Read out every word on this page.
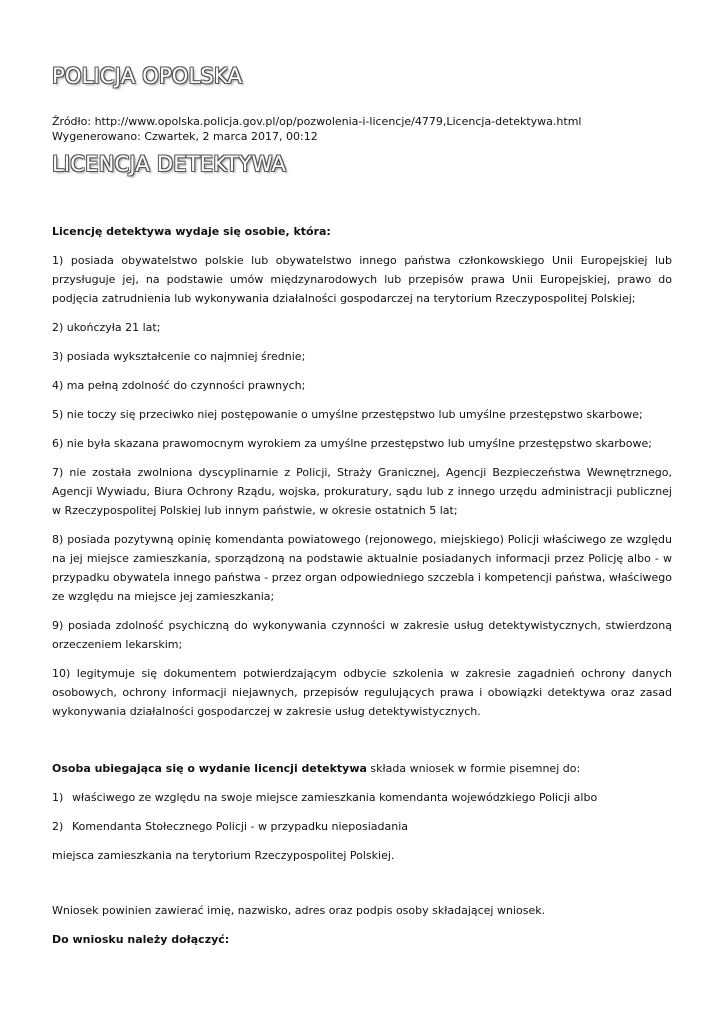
POLICJA OPOLSKA
Źródło: http://www.opolska.policja.gov.pl/op/pozwolenia-i-licencje/4779,Licencja-detektywa.html
Wygenerowano: Czwartek, 2 marca 2017, 00:12
LICENCJA DETEKTYWA

Licencję detektywa wydaje się osobie, która:

1) posiada obywatelstwo polskie lub obywatelstwo innego państwa członkowskiego Unii Europejskiej lub przysługuje jej, na podstawie umów międzynarodowych lub przepisów prawa Unii Europejskiej, prawo do podjęcia zatrudnienia lub wykonywania działalności gospodarczej na terytorium Rzeczypospolitej Polskiej;

2) ukończyła 21 lat;

3) posiada wykształcenie co najmniej średnie;

4) ma pełną zdolność do czynności prawnych;

5) nie toczy się przeciwko niej postępowanie o umyślne przestępstwo lub umyślne przestępstwo skarbowe;

6) nie była skazana prawomocnym wyrokiem za umyślne przestępstwo lub umyślne przestępstwo skarbowe;

7) nie została zwolniona dyscyplinarnie z Policji, Straży Granicznej, Agencji Bezpieczeństwa Wewnętrznego, Agencji Wywiadu, Biura Ochrony Rządu, wojska, prokuratury, sądu lub z innego urzędu administracji publicznej w Rzeczypospolitej Polskiej lub innym państwie, w okresie ostatnich 5 lat;

8) posiada pozytywną opinię komendanta powiatowego (rejonowego, miejskiego) Policji właściwego ze względu na jej miejsce zamieszkania, sporządzoną na podstawie aktualnie posiadanych informacji przez Policję albo - w przypadku obywatela innego państwa - przez organ odpowiedniego szczebla i kompetencji państwa, właściwego ze względu na miejsce jej zamieszkania;

9) posiada zdolność psychiczną do wykonywania czynności w zakresie usług detektywistycznych, stwierdzoną orzeczeniem lekarskim;

10) legitymuje się dokumentem potwierdzającym odbycie szkolenia w zakresie zagadnień ochrony danych osobowych, ochrony informacji niejawnych, przepisów regulujących prawa i obowiązki detektywa oraz zasad wykonywania działalności gospodarczej w zakresie usług detektywistycznych.

Osoba ubiegająca się o wydanie licencji detektywa składa wniosek w formie pisemnej do:

1) właściwego ze względu na swoje miejsce zamieszkania komendanta wojewódzkiego Policji albo

2) Komendanta Stołecznego Policji - w przypadku nieposiadania

miejsca zamieszkania na terytorium Rzeczypospolitej Polskiej.

Wniosek powinien zawierać imię, nazwisko, adres oraz podpis osoby składającej wniosek.

Do wniosku należy dołączyć:
